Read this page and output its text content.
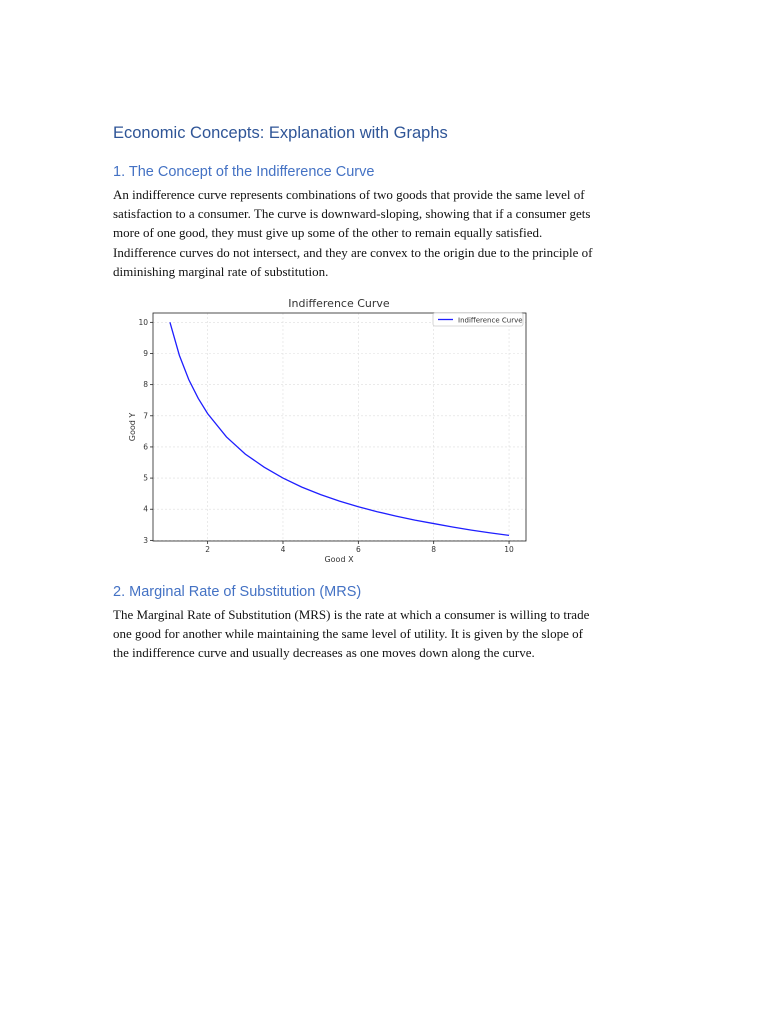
Economic Concepts: Explanation with Graphs
1. The Concept of the Indifference Curve

An indifference curve represents combinations of two goods that provide the same level of
satisfaction to a consumer. The curve is downward-sloping, showing that if a consumer gets
more of one good, they must give up some of the other to remain equally satisfied.
Indifference curves do not intersect, and they are convex to the origin due to the principle of
diminishing marginal rate of substitution.

2	4	6	8	10
3
4
5
6
7
8
9
10
Indifference Curve
Good X
Good Y
Indifference Curve
2. Marginal Rate of Substitution (MRS)

The Marginal Rate of Substitution (MRS) is the rate at which a consumer is willing to trade
one good for another while maintaining the same level of utility. It is given by the slope of
the indifference curve and usually decreases as one moves down along the curve.
